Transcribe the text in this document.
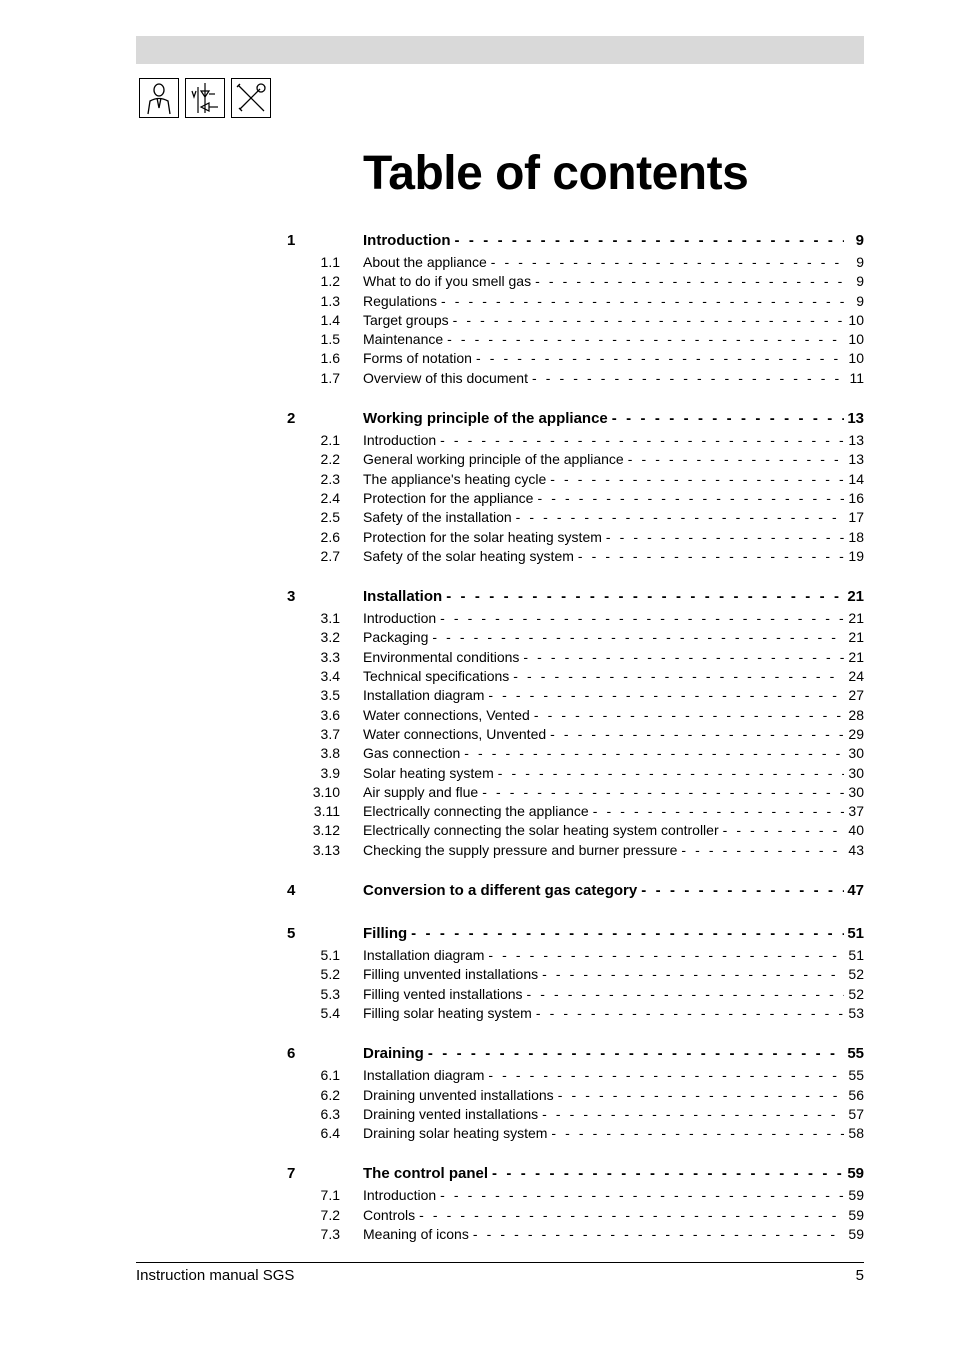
Table of contents
1	Introduction - - -	9
1.1 About the appliance - - -	9
1.2 What to do if you smell gas - - -	9
1.3 Regulations - - -	9
1.4 Target groups - - -	10
1.5 Maintenance - - -	10
1.6 Forms of notation - - -	10
1.7 Overview of this document - - -	11
2	Working principle of the appliance - - -	13
2.1 Introduction - - -	13
2.2 General working principle of the appliance - - -	13
2.3 The appliance's heating cycle - - -	14
2.4 Protection for the appliance - - -	16
2.5 Safety of the installation - - -	17
2.6 Protection for the solar heating system - - -	18
2.7 Safety of the solar heating system - - -	19
3	Installation - - -	21
3.1 Introduction - - -	21
3.2 Packaging - - -	21
3.3 Environmental conditions - - -	21
3.4 Technical specifications - - -	24
3.5 Installation diagram - - -	27
3.6 Water connections, Vented - - -	28
3.7 Water connections, Unvented - - -	29
3.8 Gas connection - - -	30
3.9 Solar heating system - - -	30
3.10 Air supply and flue - - -	30
3.11 Electrically connecting the appliance - - -	37
3.12 Electrically connecting the solar heating system controller - - -	40
3.13 Checking the supply pressure and burner pressure - - -	43
4	Conversion to a different gas category - - -	47
5	Filling - - -	51
5.1 Installation diagram - - -	51
5.2 Filling unvented installations - - -	52
5.3 Filling vented installations - - -	52
5.4 Filling solar heating system - - -	53
6	Draining - - -	55
6.1 Installation diagram - - -	55
6.2 Draining unvented installations - - -	56
6.3 Draining vented installations - - -	57
6.4 Draining solar heating system - - -	58
7	The control panel - - -	59
7.1 Introduction - - -	59
7.2 Controls - - -	59
7.3 Meaning of icons - - -	59
Instruction manual SGS	5
